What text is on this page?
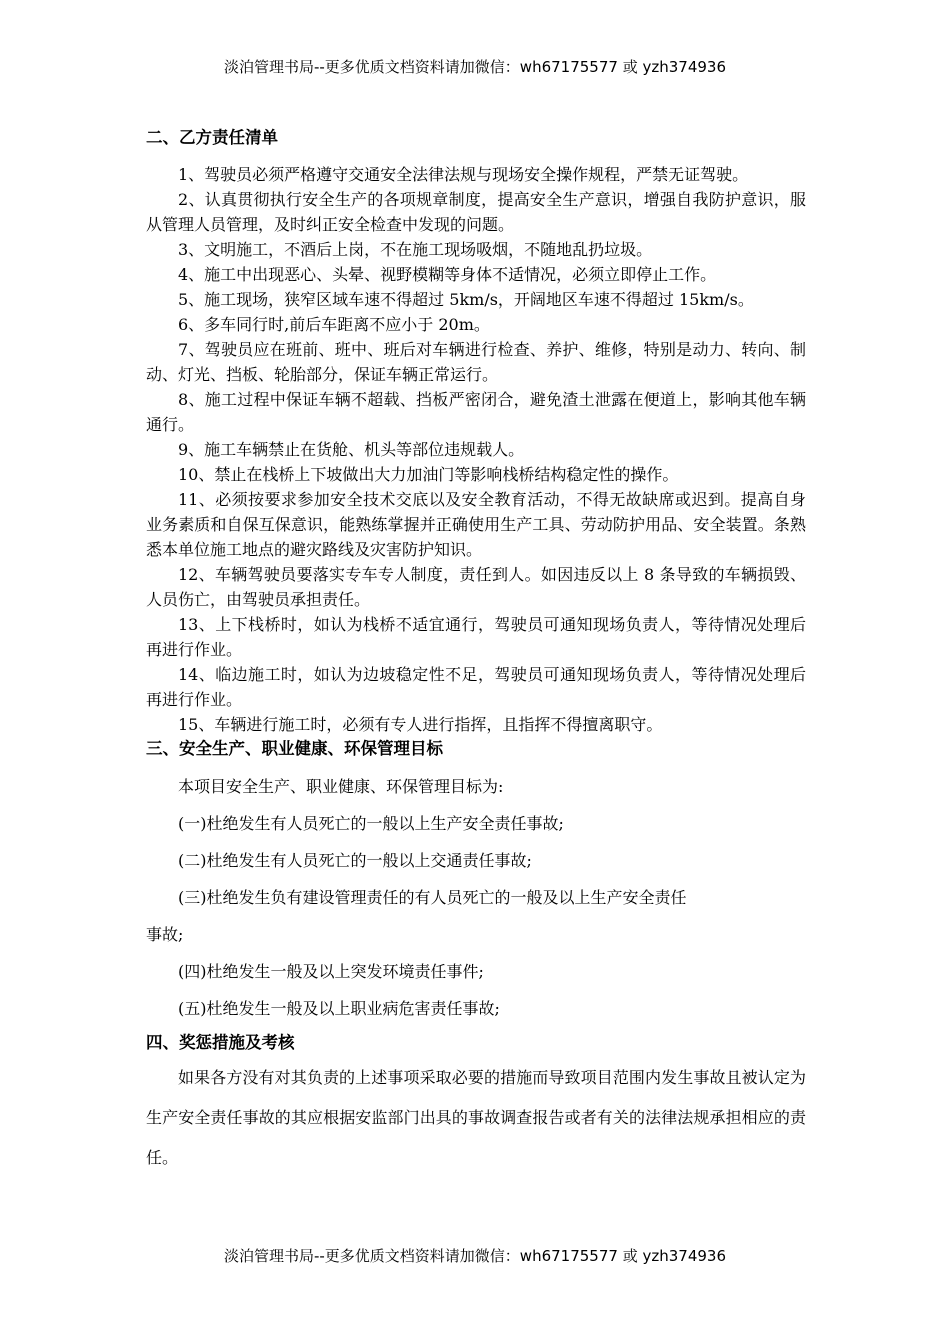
淡泊管理书局--更多优质文档资料请加微信：wh67175577 或 yzh374936
二、乙方责任清单
1、驾驶员必须严格遵守交通安全法律法规与现场安全操作规程，严禁无证驾驶。
2、认真贯彻执行安全生产的各项规章制度，提高安全生产意识，增强自我防护意识，服从管理人员管理，及时纠正安全检查中发现的问题。
3、文明施工，不酒后上岗，不在施工现场吸烟，不随地乱扔垃圾。
4、施工中出现恶心、头晕、视野模糊等身体不适情况，必须立即停止工作。
5、施工现场，狭窄区域车速不得超过 5km/s，开阔地区车速不得超过 15km/s。
6、多车同行时,前后车距离不应小于 20m。
7、驾驶员应在班前、班中、班后对车辆进行检查、养护、维修，特别是动力、转向、制动、灯光、挡板、轮胎部分，保证车辆正常运行。
8、施工过程中保证车辆不超载、挡板严密闭合，避免渣土泄露在便道上，影响其他车辆通行。
9、施工车辆禁止在货舱、机头等部位违规载人。
10、禁止在栈桥上下坡做出大力加油门等影响栈桥结构稳定性的操作。
11、必须按要求参加安全技术交底以及安全教育活动，不得无故缺席或迟到。提高自身业务素质和自保互保意识，能熟练掌握并正确使用生产工具、劳动防护用品、安全装置。条熟悉本单位施工地点的避灾路线及灾害防护知识。
12、车辆驾驶员要落实专车专人制度，责任到人。如因违反以上 8 条导致的车辆损毁、人员伤亡，由驾驶员承担责任。
13、上下栈桥时，如认为栈桥不适宜通行，驾驶员可通知现场负责人，等待情况处理后再进行作业。
14、临边施工时，如认为边坡稳定性不足，驾驶员可通知现场负责人，等待情况处理后再进行作业。
15、车辆进行施工时，必须有专人进行指挥，且指挥不得擅离职守。
三、安全生产、职业健康、环保管理目标
本项目安全生产、职业健康、环保管理目标为:
(一)杜绝发生有人员死亡的一般以上生产安全责任事故;
(二)杜绝发生有人员死亡的一般以上交通责任事故;
(三)杜绝发生负有建设管理责任的有人员死亡的一般及以上生产安全责任
事故;
(四)杜绝发生一般及以上突发环境责任事件;
(五)杜绝发生一般及以上职业病危害责任事故;
四、奖惩措施及考核
如果各方没有对其负责的上述事项采取必要的措施而导致项目范围内发生事故且被认定为生产安全责任事故的其应根据安监部门出具的事故调查报告或者有关的法律法规承担相应的责任。
淡泊管理书局--更多优质文档资料请加微信：wh67175577 或 yzh374936
